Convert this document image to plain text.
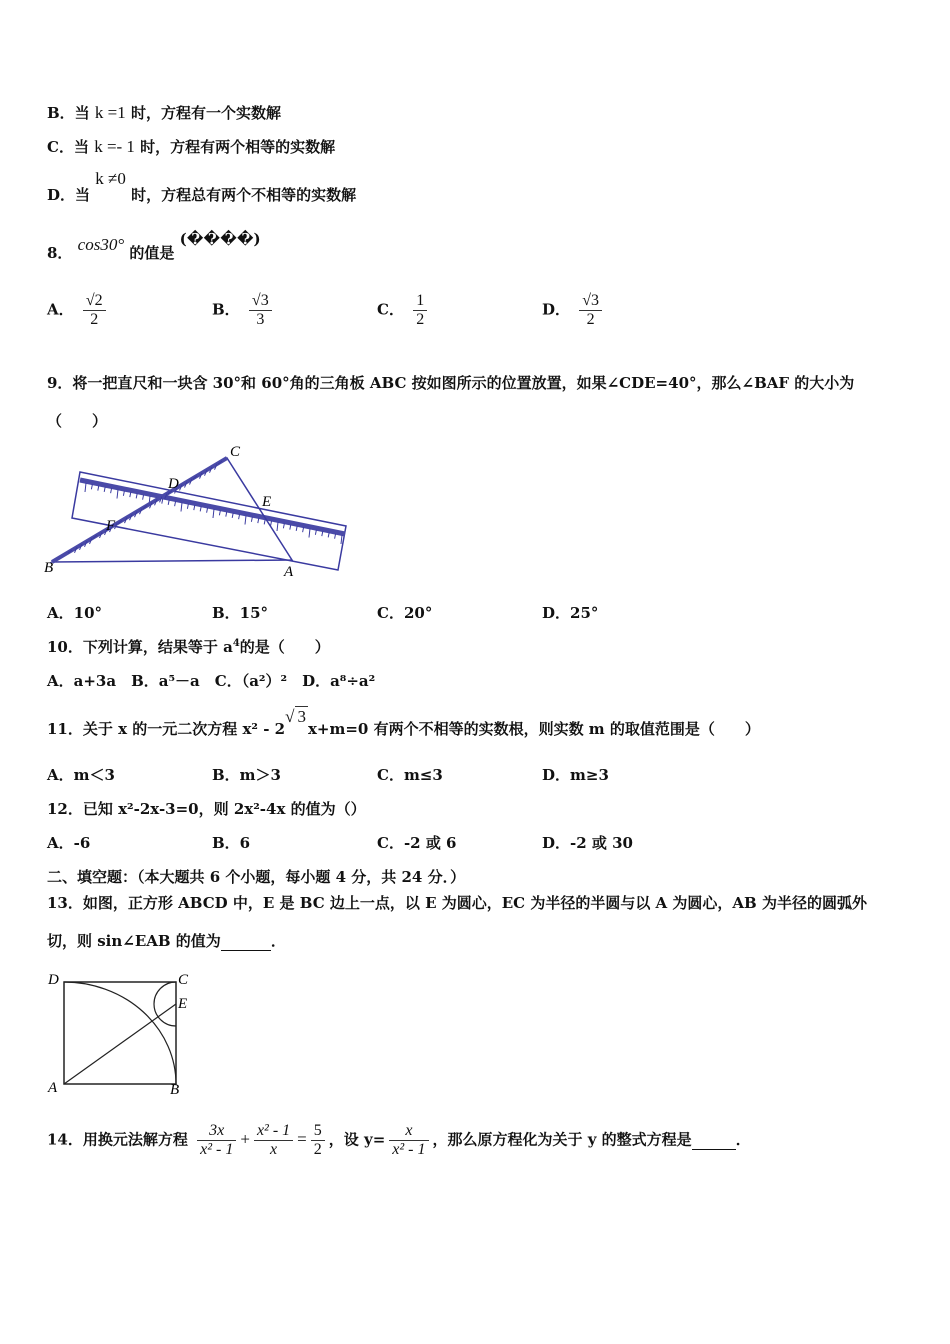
B．当 k =1 时，方程有一个实数解
C．当 k =- 1 时，方程有两个相等的实数解
D．当 k ≠0 时，方程总有两个不相等的实数解
8． cos30° 的值是 (����)
A． $\frac{√2}{2}$	B． $\frac{√3}{3}$	C． $\frac{1}{2}$	D． $\frac{√3}{2}$
9．将一把直尺和一块含 30°和 60°角的三角板 ABC 按如图所示的位置放置，如果∠CDE=40°，那么∠BAF 的大小为
（　　）
C
D
E
F
B	A
A．10°	B．15°	C．20°	D．25°
10．下列计算，结果等于 $a^4$的是（　　）
A．a+3a　B．a⁵－a　C．（a²）²　D．a⁸÷a²
11．关于 x 的一元二次方程 x² - 2√ 3x+m=0 有两个不相等的实数根，则实数 m 的取值范围是（　　）
A．m＜3	B．m＞3	C．m≤3	D．m≥3
12．已知 x²-2x-3=0，则 2x²-4x 的值为（）
A．-6	B．6	C．-2 或 6	D．-2 或 30
二、填空题：（本大题共 6 个小题，每小题 4 分，共 24 分．）
13．如图，正方形 ABCD 中，E 是 BC 边上一点，以 E 为圆心，EC 为半径的半圆与以 A 为圆心，AB 为半径的圆弧外
切，则 sin∠EAB 的值为	．
D	C
E
A	B
14．用换元法解方程 $\frac{3x}{\text{x² - 1}} + \frac{\text{x² - 1}}{x} = \frac{5}{2}$ ，设 $y= \frac{x}{\text{x² - 1}}$ ，那么原方程化为关于 y 的整式方程是	．
